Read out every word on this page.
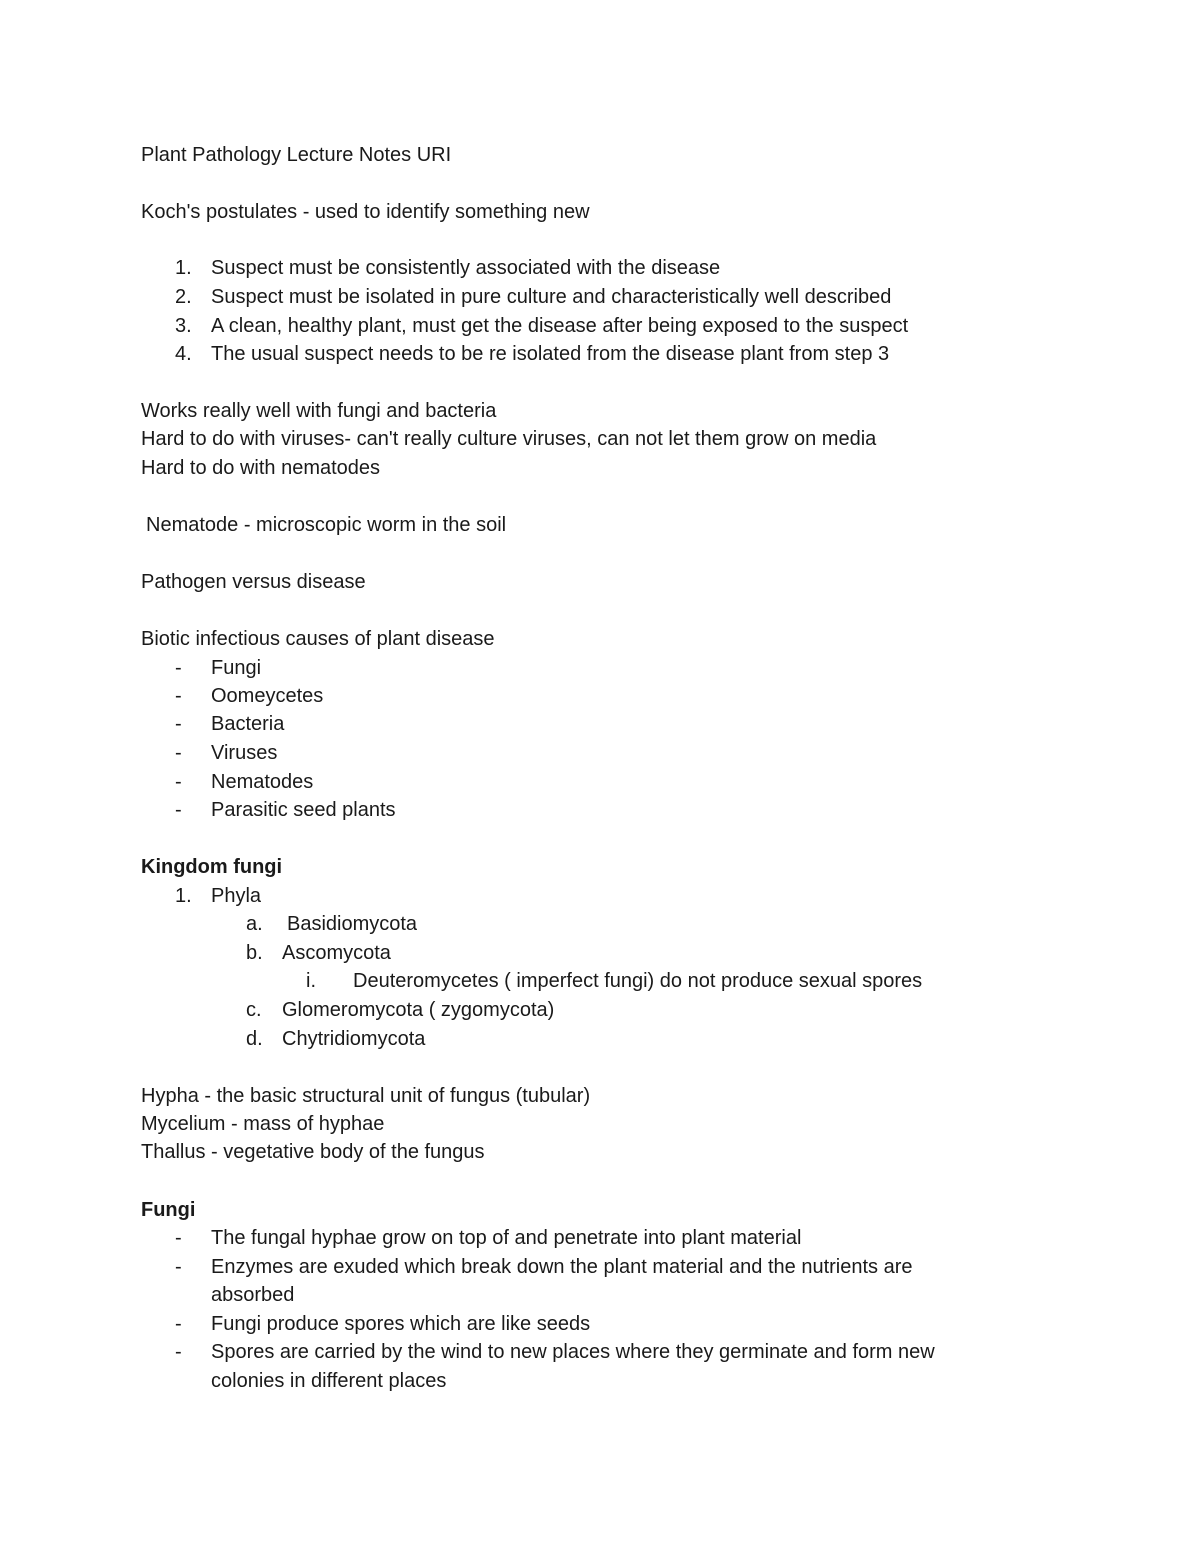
Plant Pathology Lecture Notes URI
Koch's postulates - used to identify something new
1. Suspect must be consistently associated with the disease
2. Suspect must be isolated in pure culture and characteristically well described
3. A clean, healthy plant, must get the disease after being exposed to the suspect
4. The usual suspect needs to be re isolated from the disease plant from step 3
Works really well with fungi and bacteria
Hard to do with viruses- can't really culture viruses, can not let them grow on media
Hard to do with nematodes
Nematode - microscopic worm in the soil
Pathogen versus disease
Biotic infectious causes of plant disease
- Fungi
- Oomeycetes
- Bacteria
- Viruses
- Nematodes
- Parasitic seed plants
Kingdom fungi
1. Phyla
a. Basidiomycota
b. Ascomycota
i. Deuteromycetes ( imperfect fungi) do not produce sexual spores
c. Glomeromycota ( zygomycota)
d. Chytridiomycota
Hypha - the basic structural unit of fungus (tubular)
Mycelium - mass of hyphae
Thallus - vegetative body of the fungus
Fungi
- The fungal hyphae grow on top of and penetrate into plant material
- Enzymes are exuded which break down the plant material and the nutrients are
absorbed
- Fungi produce spores which are like seeds
- Spores are carried by the wind to new places where they germinate and form new
colonies in different places
